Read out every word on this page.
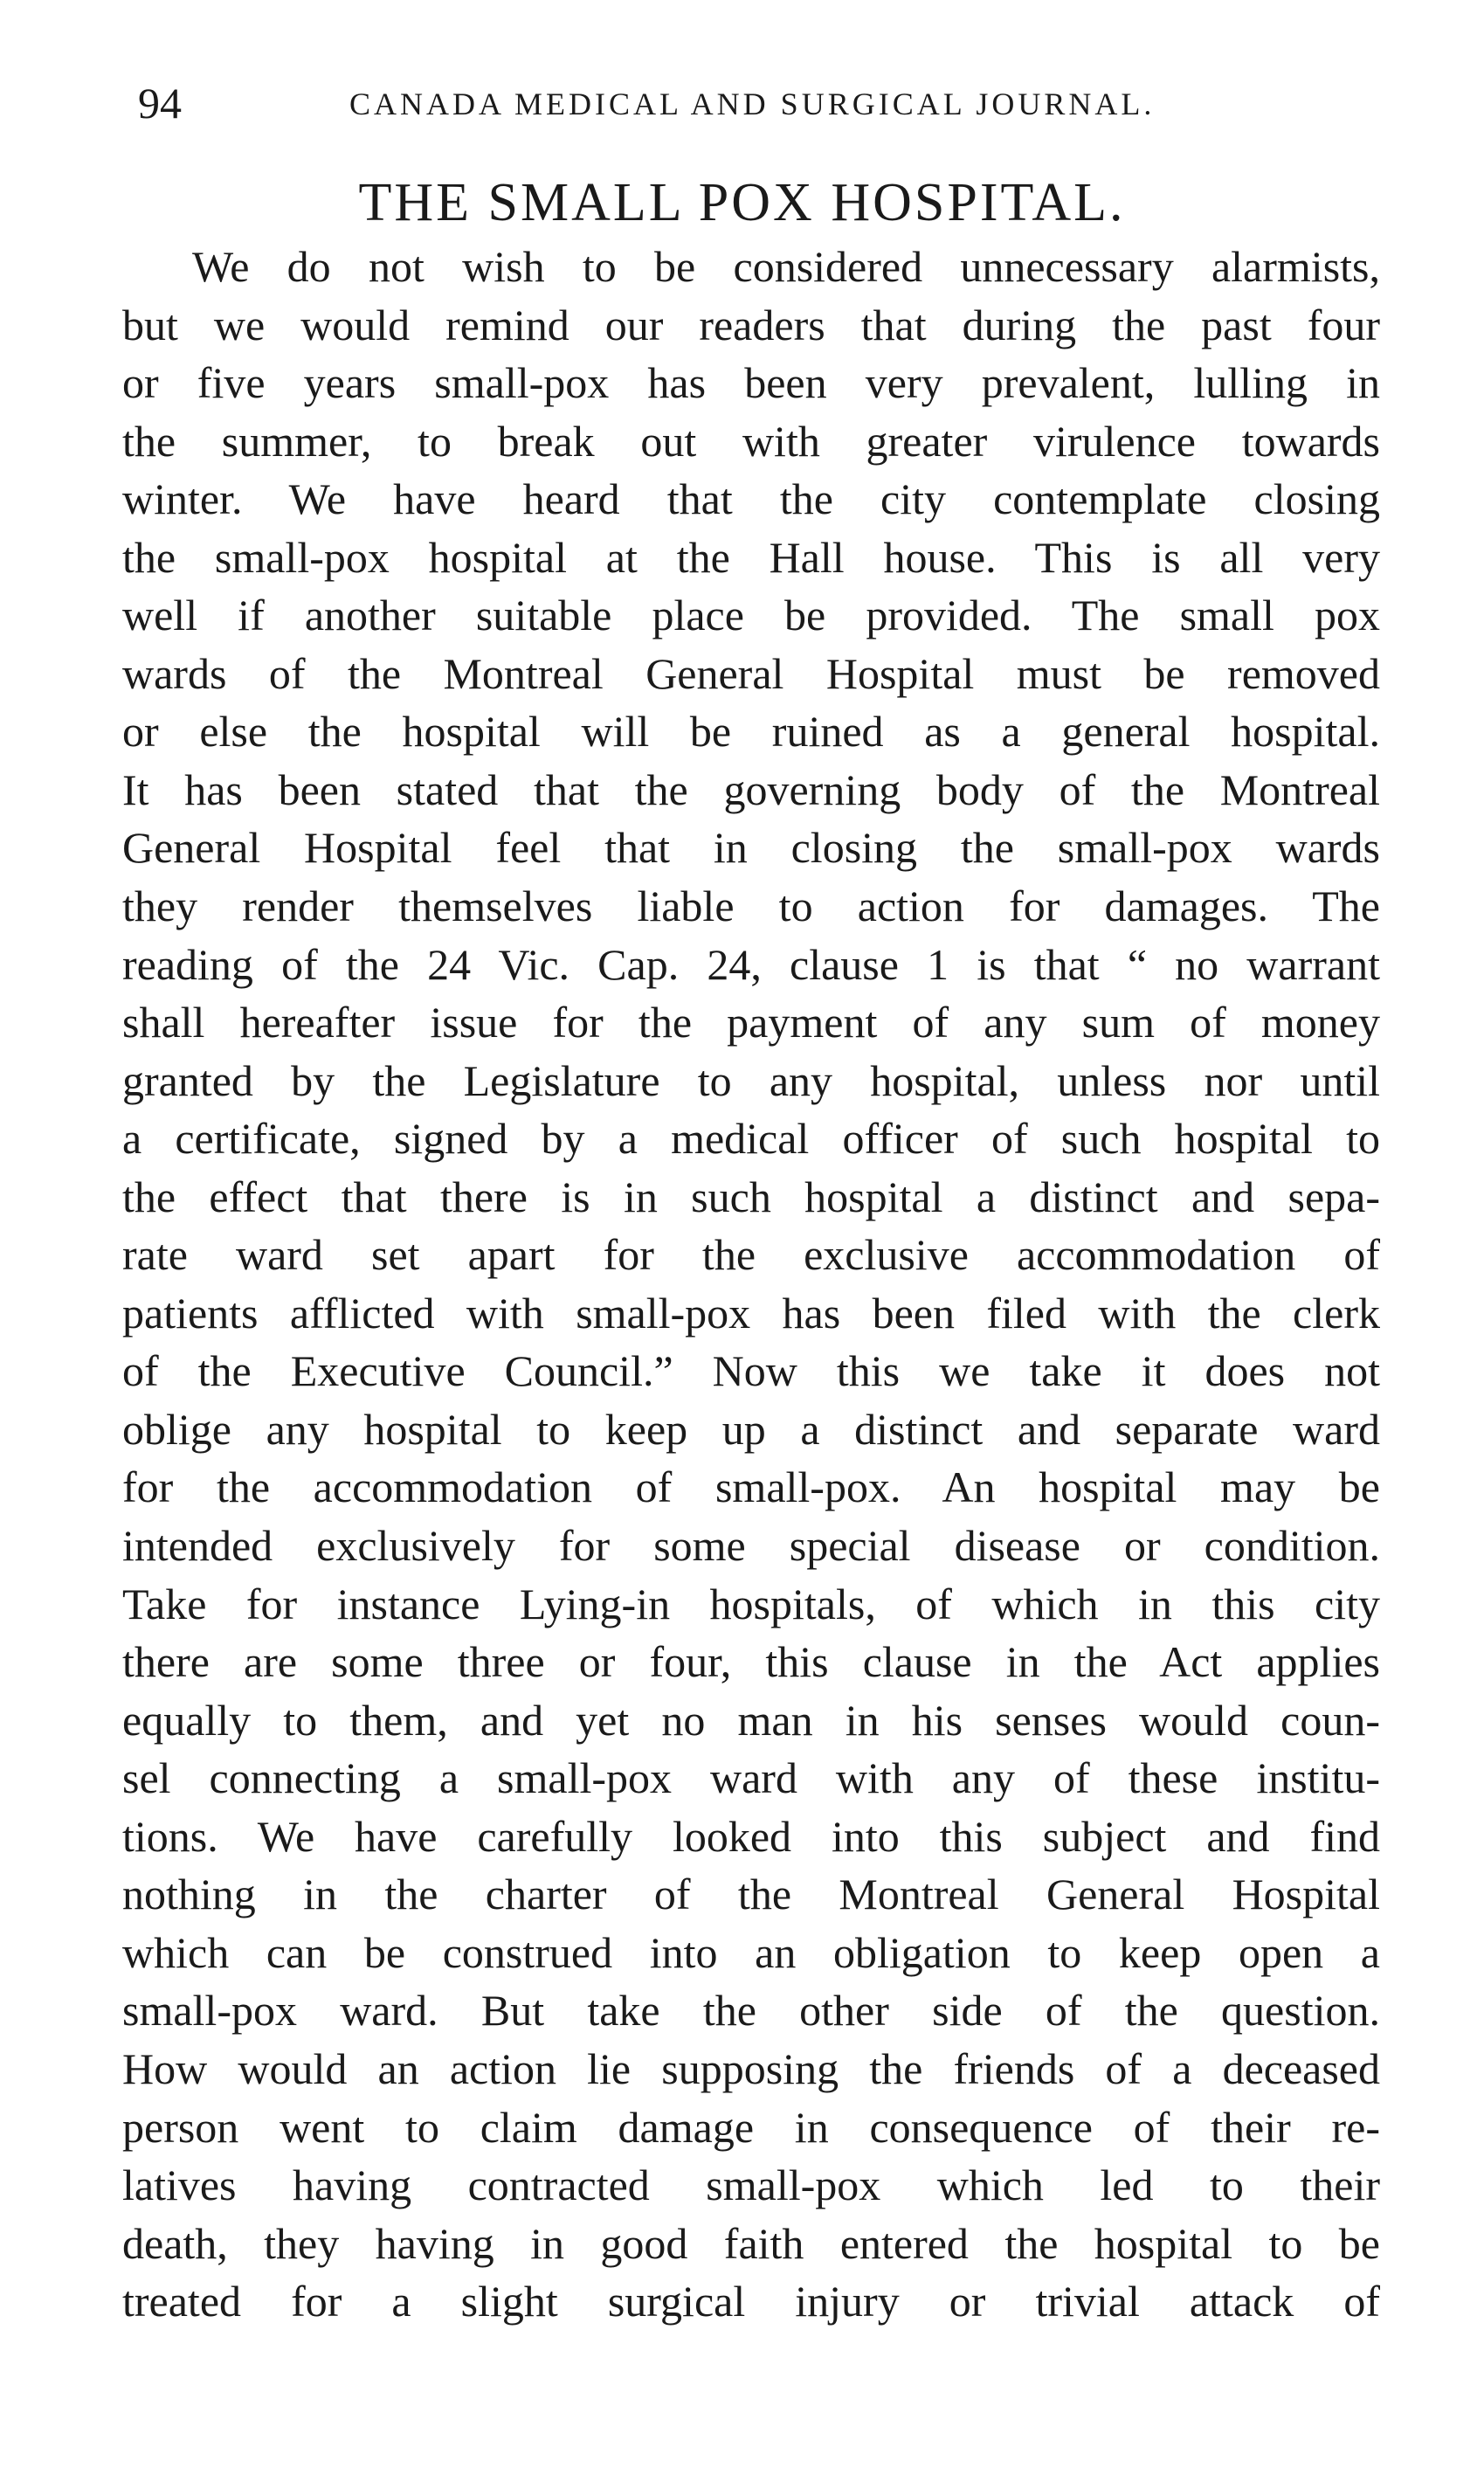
94	CANADA MEDICAL AND SURGICAL JOURNAL.
THE SMALL POX HOSPITAL.
We do not wish to be considered unnecessary alarmists,
but we would remind our readers that during the past four
or five years small-pox has been very prevalent, lulling in
the summer, to break out with greater virulence towards
winter. We have heard that the city contemplate closing
the small-pox hospital at the Hall house. This is all very
well if another suitable place be provided. The small pox
wards of the Montreal General Hospital must be removed
or else the hospital will be ruined as a general hospital.
It has been stated that the governing body of the Montreal
General Hospital feel that in closing the small-pox wards
they render themselves liable to action for damages. The
reading of the 24 Vic. Cap. 24, clause 1 is that “ no warrant
shall hereafter issue for the payment of any sum of money
granted by the Legislature to any hospital, unless nor until
a certificate, signed by a medical officer of such hospital to
the effect that there is in such hospital a distinct and sepa-
rate ward set apart for the exclusive accommodation of
patients afflicted with small-pox has been filed with the clerk
of the Executive Council.” Now this we take it does not
oblige any hospital to keep up a distinct and separate ward
for the accommodation of small-pox. An hospital may be
intended exclusively for some special disease or condition.
Take for instance Lying-in hospitals, of which in this city
there are some three or four, this clause in the Act applies
equally to them, and yet no man in his senses would coun-
sel connecting a small-pox ward with any of these institu-
tions. We have carefully looked into this subject and find
nothing in the charter of the Montreal General Hospital
which can be construed into an obligation to keep open a
small-pox ward. But take the other side of the question.
How would an action lie supposing the friends of a deceased
person went to claim damage in consequence of their re-
latives having contracted small-pox which led to their
death, they having in good faith entered the hospital to be
treated for a slight surgical injury or trivial attack of
